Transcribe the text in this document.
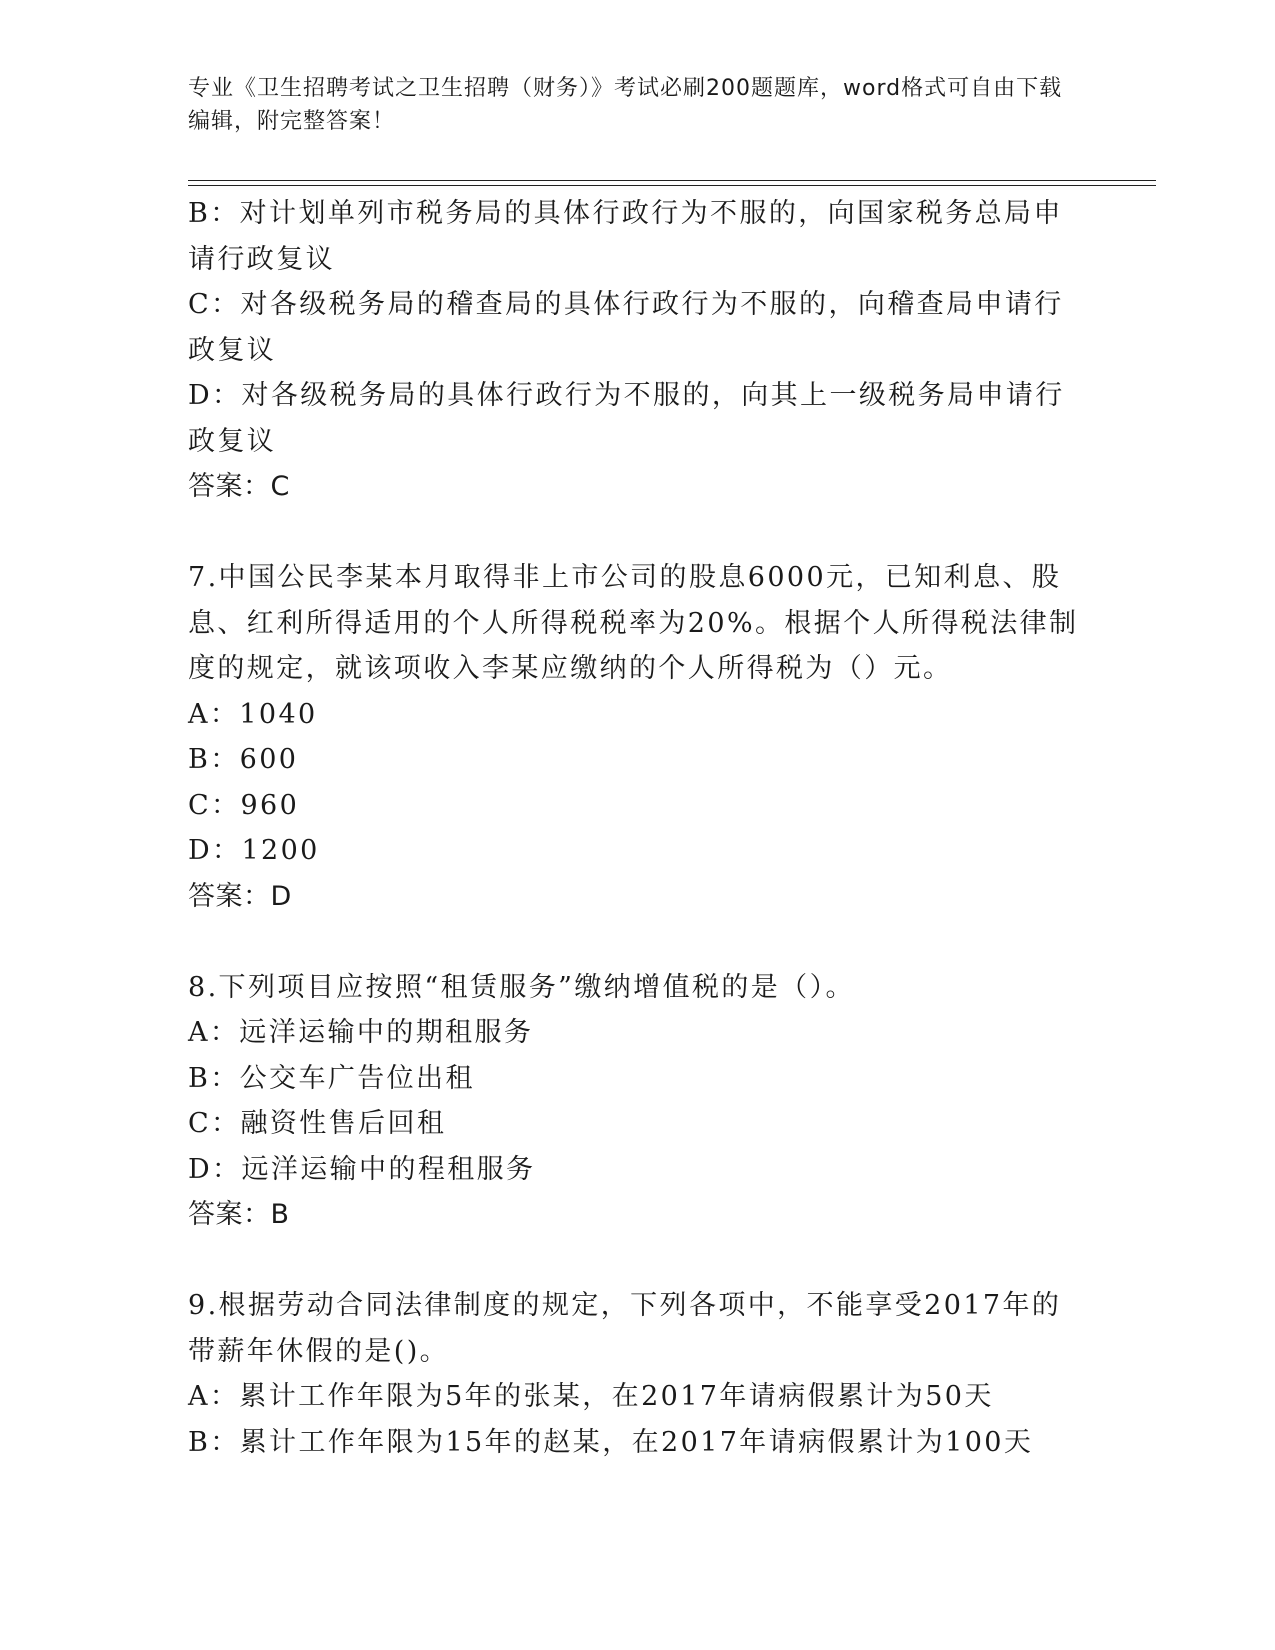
专业《卫生招聘考试之卫生招聘（财务）》考试必刷200题题库，word格式可自由下载编辑，附完整答案！

B：对计划单列市税务局的具体行政行为不服的，向国家税务总局申请行政复议

C：对各级税务局的稽查局的具体行政行为不服的，向稽查局申请行政复议

D：对各级税务局的具体行政行为不服的，向其上一级税务局申请行政复议

答案：C

7.中国公民李某本月取得非上市公司的股息6000元，已知利息、股息、红利所得适用的个人所得税税率为20%。根据个人所得税法律制度的规定，就该项收入李某应缴纳的个人所得税为（）元。

A：1040

B：600

C：960

D：1200

答案：D

8.下列项目应按照“租赁服务”缴纳增值税的是（）。

A：远洋运输中的期租服务

B：公交车广告位出租

C：融资性售后回租

D：远洋运输中的程租服务

答案：B

9.根据劳动合同法律制度的规定，下列各项中，不能享受2017年的带薪年休假的是()。

A：累计工作年限为5年的张某，在2017年请病假累计为50天

B：累计工作年限为15年的赵某，在2017年请病假累计为100天
